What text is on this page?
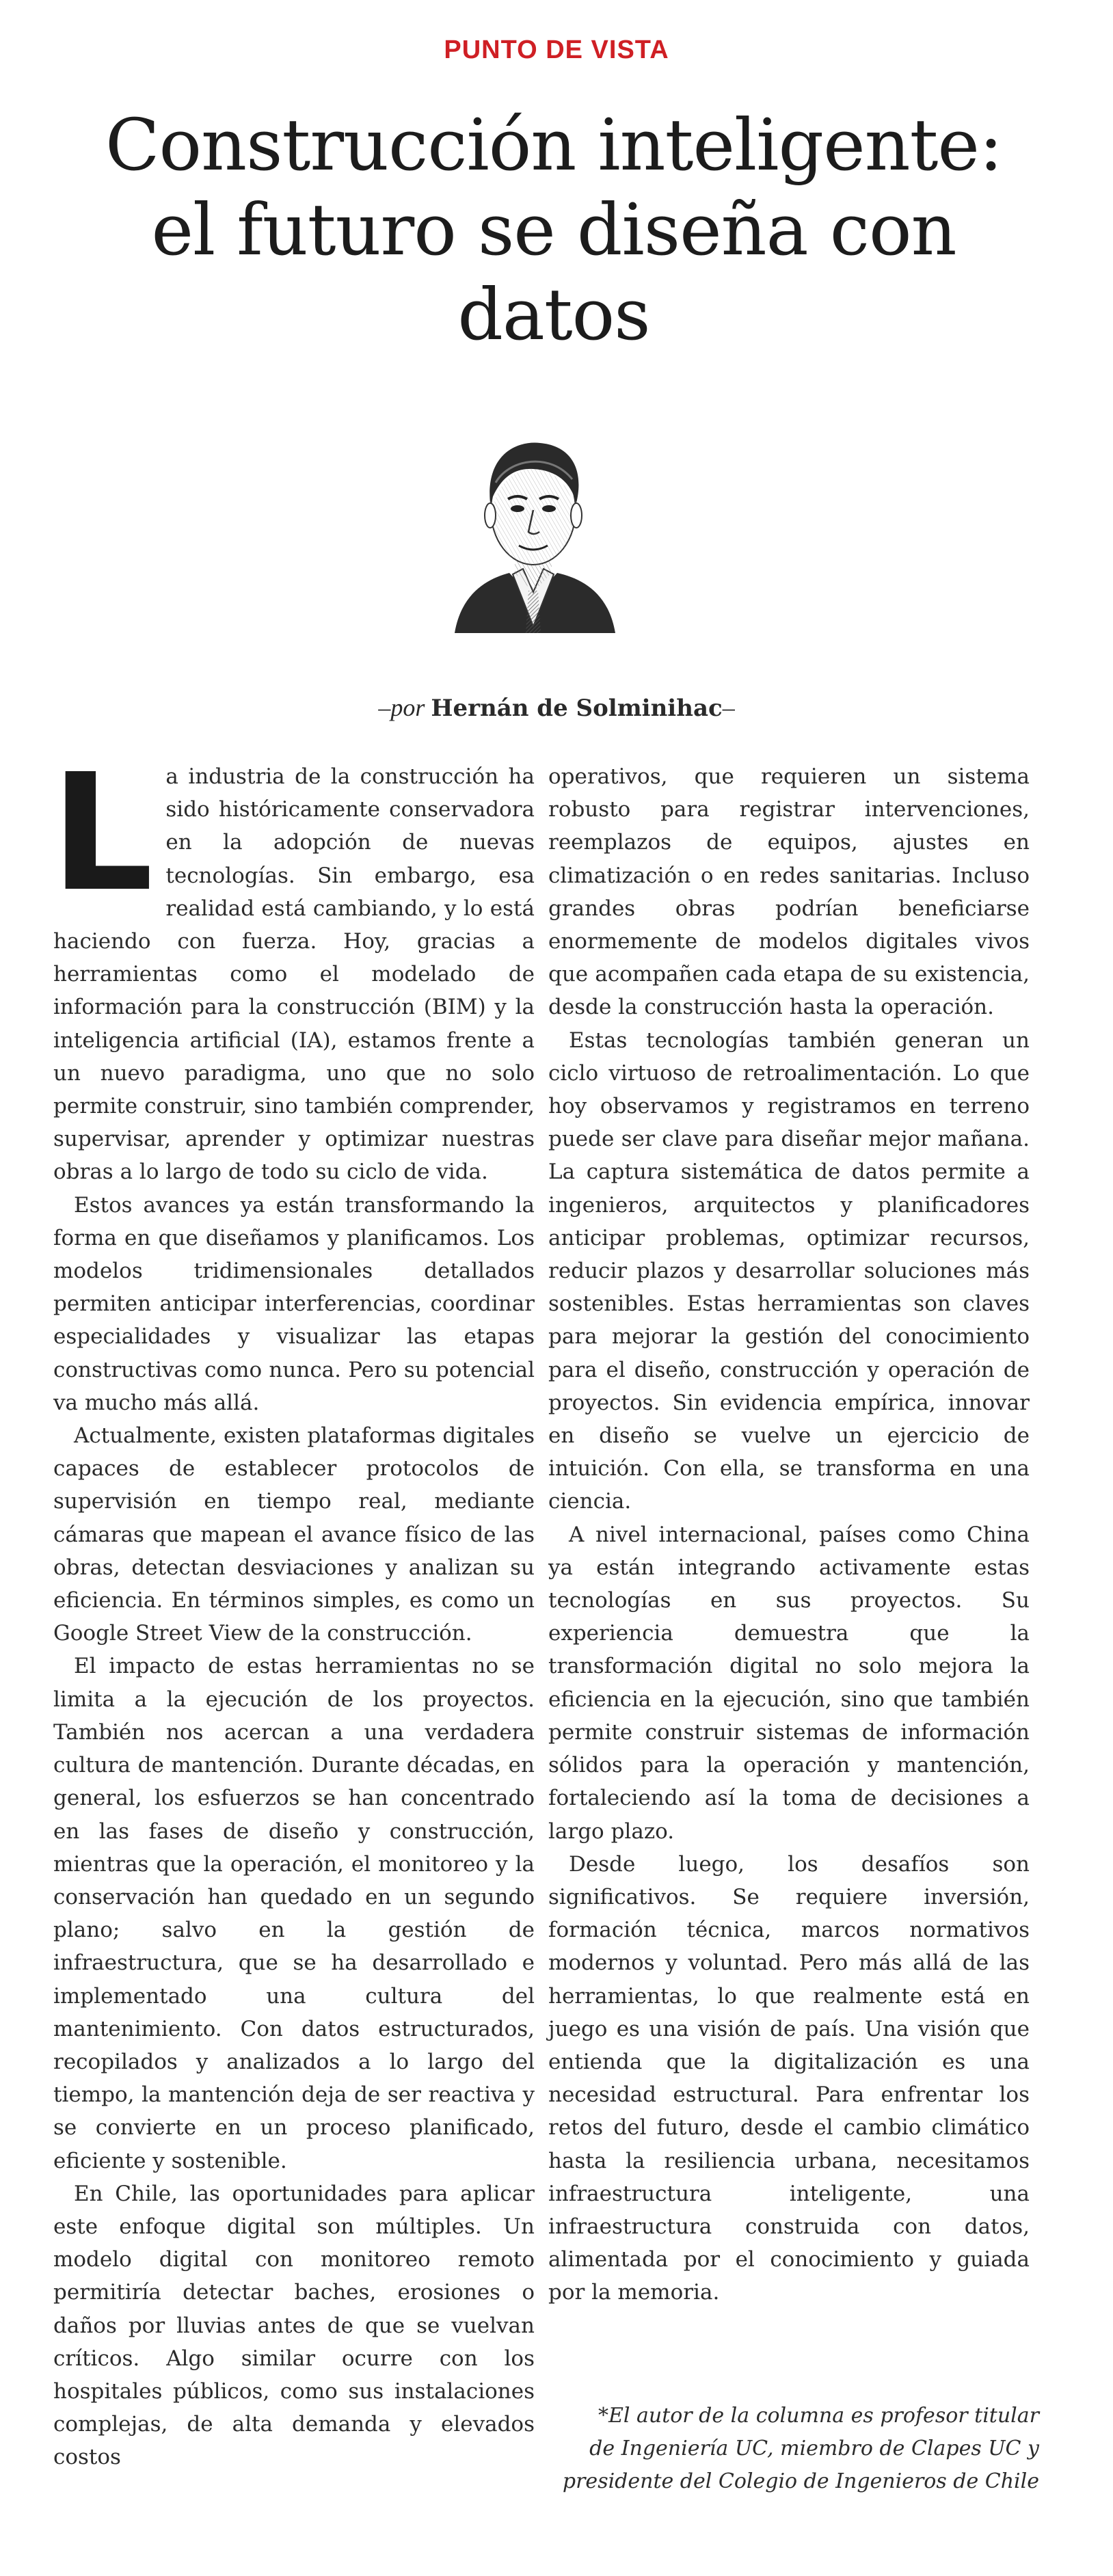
PUNTO DE VISTA
Construcción inteligente:
el futuro se diseña con
datos
–por Hernán de Solminihac–

La industria de la construcción ha sido históricamente conservadora en la adopción de nuevas tecnologías. Sin embargo, esa realidad está cambiando, y lo está haciendo con fuerza. Hoy, gracias a herramientas como el modelado de información para la construcción (BIM) y la inteligencia artificial (IA), estamos frente a un nuevo paradigma, uno que no solo permite construir, sino también comprender, supervisar, aprender y optimizar nuestras obras a lo largo de todo su ciclo de vida.

Estos avances ya están transformando la forma en que diseñamos y planificamos. Los modelos tridimensionales detallados permiten anticipar interferencias, coordinar especialidades y visualizar las etapas constructivas como nunca. Pero su potencial va mucho más allá.

Actualmente, existen plataformas digitales capaces de establecer protocolos de supervisión en tiempo real, mediante cámaras que mapean el avance físico de las obras, detectan desviaciones y analizan su eficiencia. En términos simples, es como un Google Street View de la construcción.

El impacto de estas herramientas no se limita a la ejecución de los proyectos. También nos acercan a una verdadera cultura de mantención. Durante décadas, en general, los esfuerzos se han concentrado en las fases de diseño y construcción, mientras que la operación, el monitoreo y la conservación han quedado en un segundo plano; salvo en la gestión de infraestructura, que se ha desarrollado e implementado una cultura del mantenimiento. Con datos estructurados, recopilados y analizados a lo largo del tiempo, la mantención deja de ser reactiva y se convierte en un proceso planificado, eficiente y sostenible.

En Chile, las oportunidades para aplicar este enfoque digital son múltiples. Un modelo digital con monitoreo remoto permitiría detectar baches, erosiones o daños por lluvias antes de que se vuelvan críticos. Algo similar ocurre con los hospitales públicos, como sus instalaciones complejas, de alta demanda y elevados costos

operativos, que requieren un sistema robusto para registrar intervenciones, reemplazos de equipos, ajustes en climatización o en redes sanitarias. Incluso grandes obras podrían beneficiarse enormemente de modelos digitales vivos que acompañen cada etapa de su existencia, desde la construcción hasta la operación.

Estas tecnologías también generan un ciclo virtuoso de retroalimentación. Lo que hoy observamos y registramos en terreno puede ser clave para diseñar mejor mañana. La captura sistemática de datos permite a ingenieros, arquitectos y planificadores anticipar problemas, optimizar recursos, reducir plazos y desarrollar soluciones más sostenibles. Estas herramientas son claves para mejorar la gestión del conocimiento para el diseño, construcción y operación de proyectos. Sin evidencia empírica, innovar en diseño se vuelve un ejercicio de intuición. Con ella, se transforma en una ciencia.

A nivel internacional, países como China ya están integrando activamente estas tecnologías en sus proyectos. Su experiencia demuestra que la transformación digital no solo mejora la eficiencia en la ejecución, sino que también permite construir sistemas de información sólidos para la operación y mantención, fortaleciendo así la toma de decisiones a largo plazo.

Desde luego, los desafíos son significativos. Se requiere inversión, formación técnica, marcos normativos modernos y voluntad. Pero más allá de las herramientas, lo que realmente está en juego es una visión de país. Una visión que entienda que la digitalización es una necesidad estructural. Para enfrentar los retos del futuro, desde el cambio climático hasta la resiliencia urbana, necesitamos infraestructura inteligente, una infraestructura construida con datos, alimentada por el conocimiento y guiada por la memoria.

*El autor de la columna es profesor titular
de Ingeniería UC, miembro de Clapes UC y
presidente del Colegio de Ingenieros de Chile
